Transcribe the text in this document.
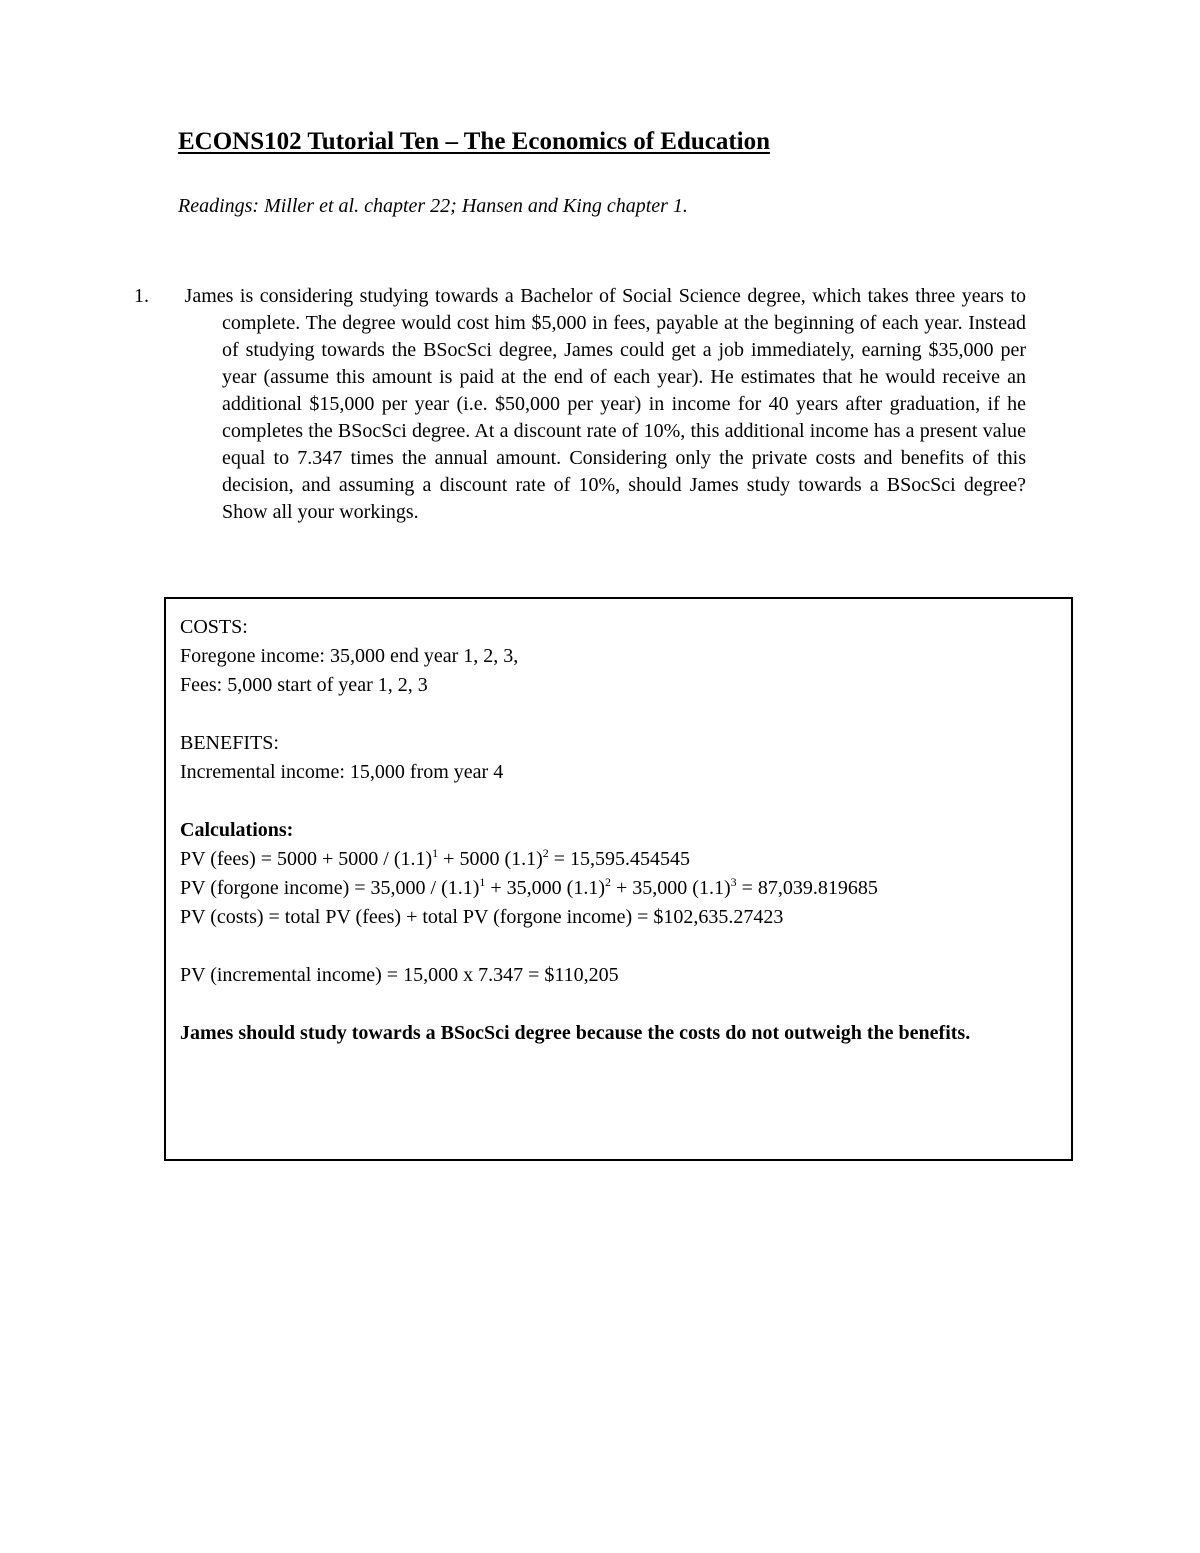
ECONS102 Tutorial Ten – The Economics of Education

Readings: Miller et al. chapter 22; Hansen and King chapter 1.

1. James is considering studying towards a Bachelor of Social Science degree, which takes three years to complete. The degree would cost him $5,000 in fees, payable at the beginning of each year. Instead of studying towards the BSocSci degree, James could get a job immediately, earning $35,000 per year (assume this amount is paid at the end of each year). He estimates that he would receive an additional $15,000 per year (i.e. $50,000 per year) in income for 40 years after graduation, if he completes the BSocSci degree. At a discount rate of 10%, this additional income has a present value equal to 7.347 times the annual amount. Considering only the private costs and benefits of this decision, and assuming a discount rate of 10%, should James study towards a BSocSci degree? Show all your workings.

COSTS:

Foregone income: 35,000 end year 1, 2, 3,

Fees: 5,000 start of year 1, 2, 3

BENEFITS:

Incremental income: 15,000 from year 4

Calculations:

PV (fees) = $5000 + 5000 / (1.1)^1 + 5000$ $(1.1)^2 = 15,595.454545$

PV (forgone income) = $35,000 / (1.1)^1 + 35,000$ $(1.1)^2 + 35,000$ $(1.1)^3 = 87,039.819685$

PV (costs) = total PV (fees) + total PV (forgone income) = $102,635.27423

PV (incremental income) = 15,000 x 7.347 = $110,205

James should study towards a BSocSci degree because the costs do not outweigh the benefits.
